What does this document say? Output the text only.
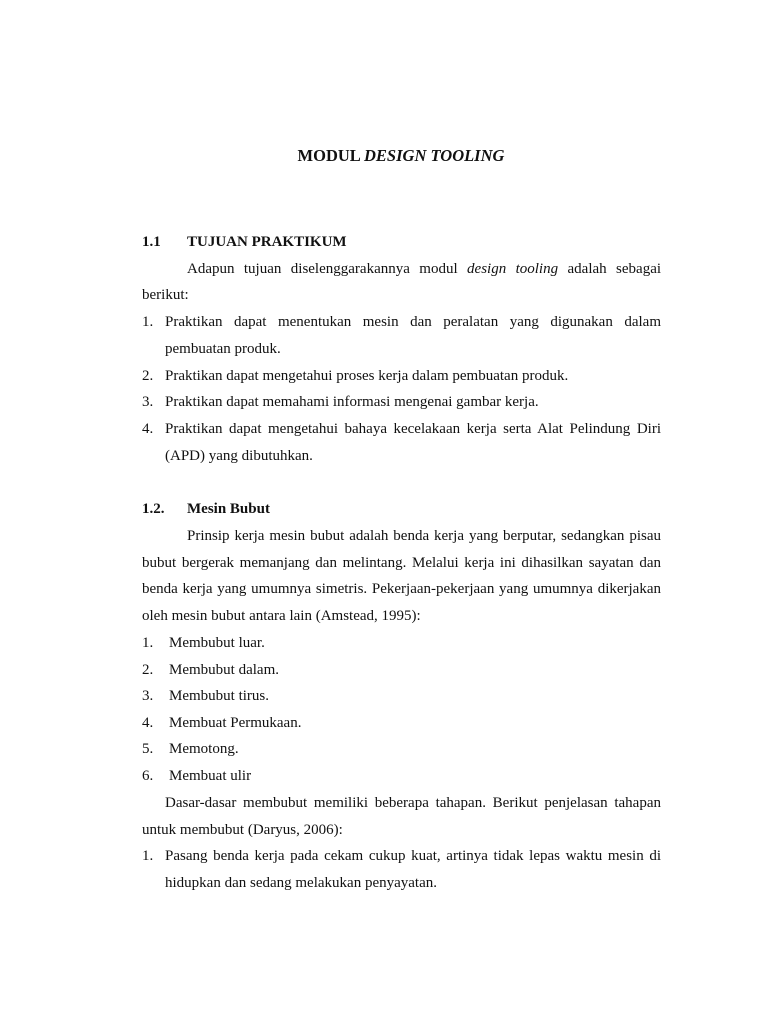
MODUL DESIGN TOOLING
1.1 TUJUAN PRAKTIKUM
Adapun tujuan diselenggarakannya modul design tooling adalah sebagai
berikut:
1. Praktikan dapat menentukan mesin dan peralatan yang digunakan dalam
pembuatan produk.
2. Praktikan dapat mengetahui proses kerja dalam pembuatan produk.
3. Praktikan dapat memahami informasi mengenai gambar kerja.
4. Praktikan dapat mengetahui bahaya kecelakaan kerja serta Alat Pelindung Diri
(APD) yang dibutuhkan.
1.2. Mesin Bubut
Prinsip kerja mesin bubut adalah benda kerja yang berputar, sedangkan pisau
bubut bergerak memanjang dan melintang. Melalui kerja ini dihasilkan sayatan dan
benda kerja yang umumnya simetris. Pekerjaan-pekerjaan yang umumnya dikerjakan
oleh mesin bubut antara lain (Amstead, 1995):
1. Membubut luar.
2. Membubut dalam.
3. Membubut tirus.
4. Membuat Permukaan.
5. Memotong.
6. Membuat ulir
Dasar-dasar membubut memiliki beberapa tahapan. Berikut penjelasan tahapan
untuk membubut (Daryus, 2006):
1. Pasang benda kerja pada cekam cukup kuat, artinya tidak lepas waktu mesin di
hidupkan dan sedang melakukan penyayatan.
